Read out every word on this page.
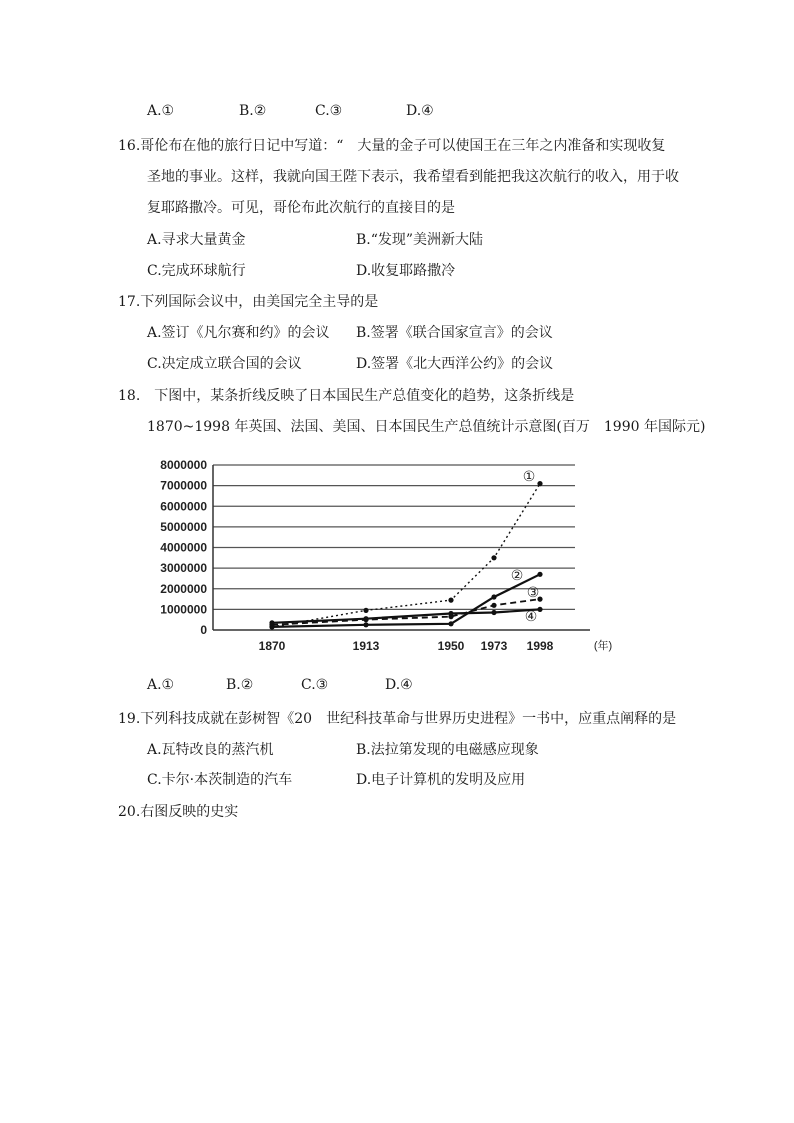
A.①	B.②	C.③	D.④
16.哥伦布在他的旅行日记中写道：“　大量的金子可以使国王在三年之内准备和实现收复
圣地的事业。这样，我就向国王陛下表示，我希望看到能把我这次航行的收入，用于收
复耶路撒冷。可见，哥伦布此次航行的直接目的是
A.寻求大量黄金	B.“发现”美洲新大陆
C.完成环球航行	D.收复耶路撒冷
17.下列国际会议中，由美国完全主导的是
A.签订《凡尔赛和约》的会议 B.签署《联合国家宣言》的会议
C.决定成立联合国的会议	D.签署《北大西洋公约》的会议
18.　下图中，某条折线反映了日本国民生产总值变化的趋势，这条折线是
1870~1998 年英国、法国、美国、日本国民生产总值统计示意图(百万　1990 年国际元)
0
1000000
2000000
3000000
4000000
5000000
6000000
7000000
8000000
1870	1913	1950 1973 1998	(年)
①
②
③
④
A.①	B.②	C.③	D.④
19.下列科技成就在彭树智《20　世纪科技革命与世界历史进程》一书中，应重点阐释的是
A.瓦特改良的蒸汽机	B.法拉第发现的电磁感应现象
C.卡尔·本茨制造的汽车	D.电子计算机的发明及应用
20.右图反映的史实
